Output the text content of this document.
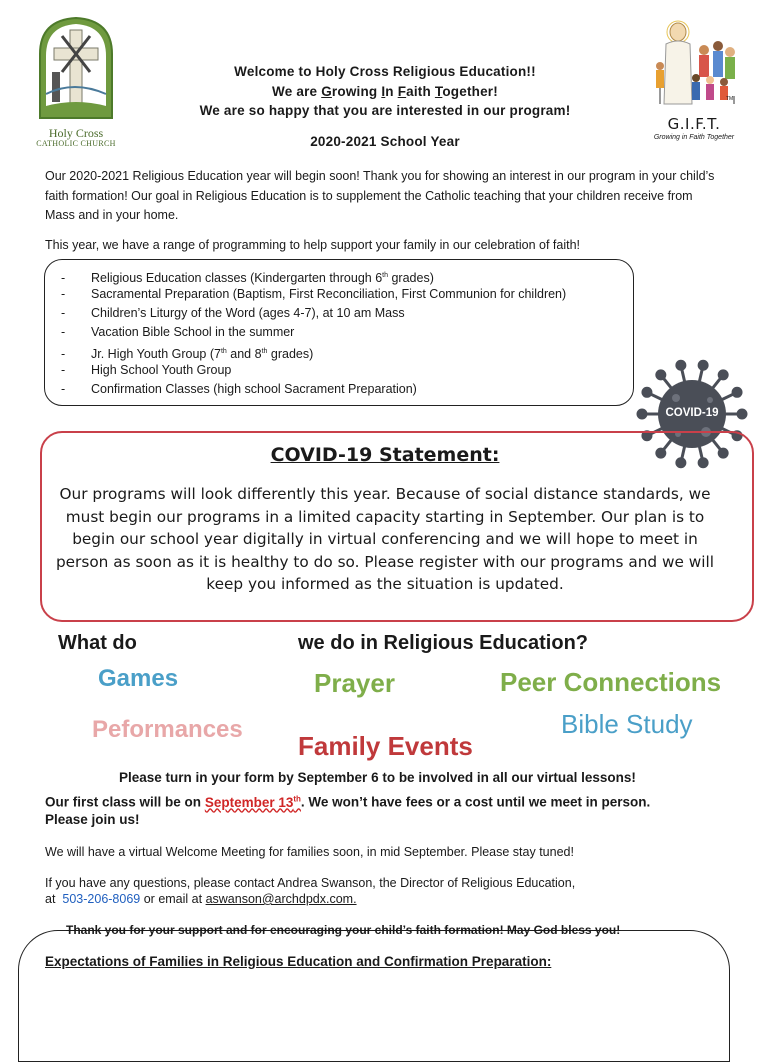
Holy Cross
CATHOLIC CHURCH
TM
G.I.F.T.
Growing in Faith Together
Welcome to Holy Cross Religious Education!!
We are Growing In Faith Together!
We are so happy that you are interested in our program!
2020-2021 School Year
Our 2020-2021 Religious Education year will begin soon! Thank you for showing an interest in our program in your child’s faith formation! Our goal in Religious Education is to supplement the Catholic teaching that your children receive from Mass and in your home.
This year, we have a range of programming to help support your family in our celebration of faith!
- Religious Education classes (Kindergarten through 6th grades)
- Sacramental Preparation (Baptism, First Reconciliation, First Communion for children)
- Children’s Liturgy of the Word (ages 4-7), at 10 am Mass
- Vacation Bible School in the summer
- Jr. High Youth Group (7th and 8th grades)
- High School Youth Group
- Confirmation Classes (high school Sacrament Preparation)
COVID-19
COVID-19 Statement:
Our programs will look differently this year. Because of social distance standards, we must begin our programs in a limited capacity starting in September. Our plan is to begin our school year digitally in virtual conferencing and we will hope to meet in person as soon as it is healthy to do so. Please register with our programs and we will keep you informed as the situation is updated.
What do	we do in Religious Education?
Games	Prayer	Peer Connections
Peformances	Bible Study
Family Events
Please turn in your form by September 6 to be involved in all our virtual lessons!
Our first class will be on September 13th. We won’t have fees or a cost until we meet in person.
Please join us!
We will have a virtual Welcome Meeting for families soon, in mid September. Please stay tuned!
If you have any questions, please contact Andrea Swanson, the Director of Religious Education,
at 503-206-8069 or email at aswanson@archdpdx.com.
Thank you for your support and for encouraging your child’s faith formation! May God bless you!
Expectations of Families in Religious Education and Confirmation Preparation:
